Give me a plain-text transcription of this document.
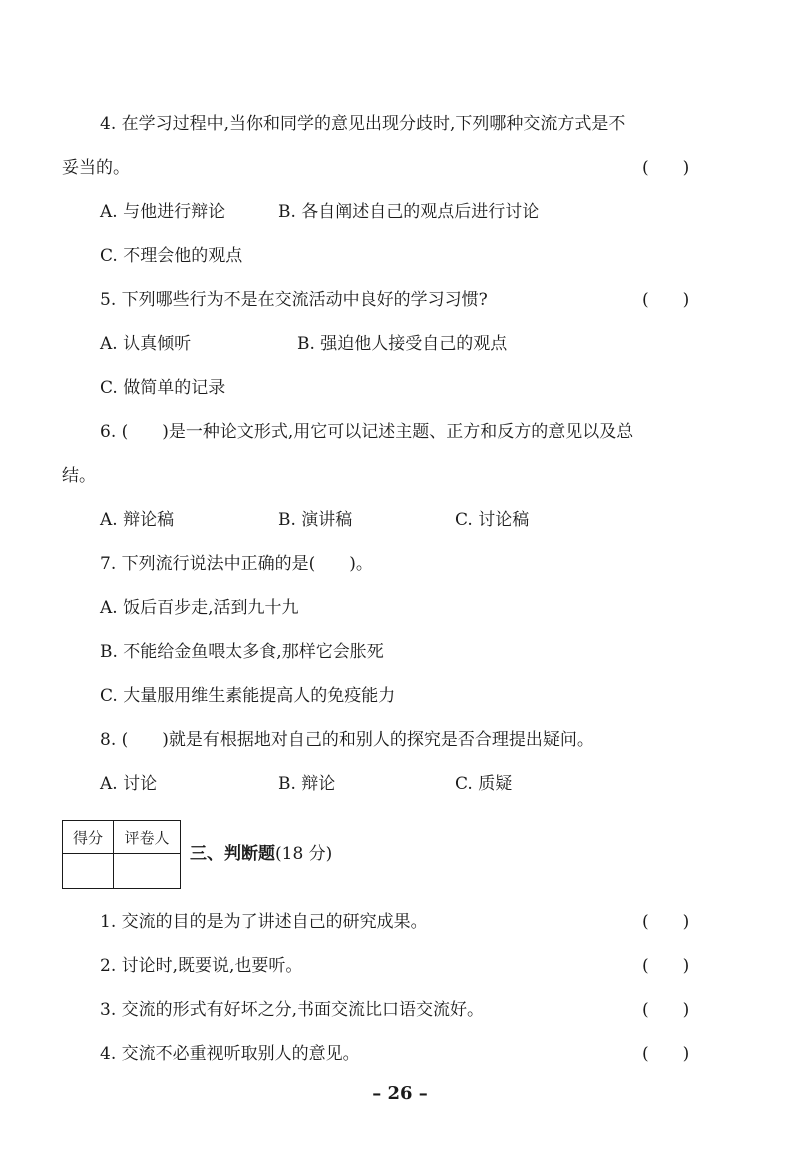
4. 在学习过程中,当你和同学的意见出现分歧时,下列哪种交流方式是不
妥当的。	(　　)
A. 与他进行辩论	B. 各自阐述自己的观点后进行讨论
C. 不理会他的观点
5. 下列哪些行为不是在交流活动中良好的学习习惯?	(　　)
A. 认真倾听	B. 强迫他人接受自己的观点
C. 做简单的记录
6. (　　)是一种论文形式,用它可以记述主题、正方和反方的意见以及总
结。
A. 辩论稿	B. 演讲稿	C. 讨论稿
7. 下列流行说法中正确的是(　　)。
A. 饭后百步走,活到九十九
B. 不能给金鱼喂太多食,那样它会胀死
C. 大量服用维生素能提高人的免疫能力
8. (　　)就是有根据地对自己的和别人的探究是否合理提出疑问。
A. 讨论	B. 辩论	C. 质疑
得分	评卷人

三、判断题(18 分)
1. 交流的目的是为了讲述自己的研究成果。	(　　)
2. 讨论时,既要说,也要听。	(　　)
3. 交流的形式有好坏之分,书面交流比口语交流好。	(　　)
4. 交流不必重视听取别人的意见。	(　　)
– 26 –
